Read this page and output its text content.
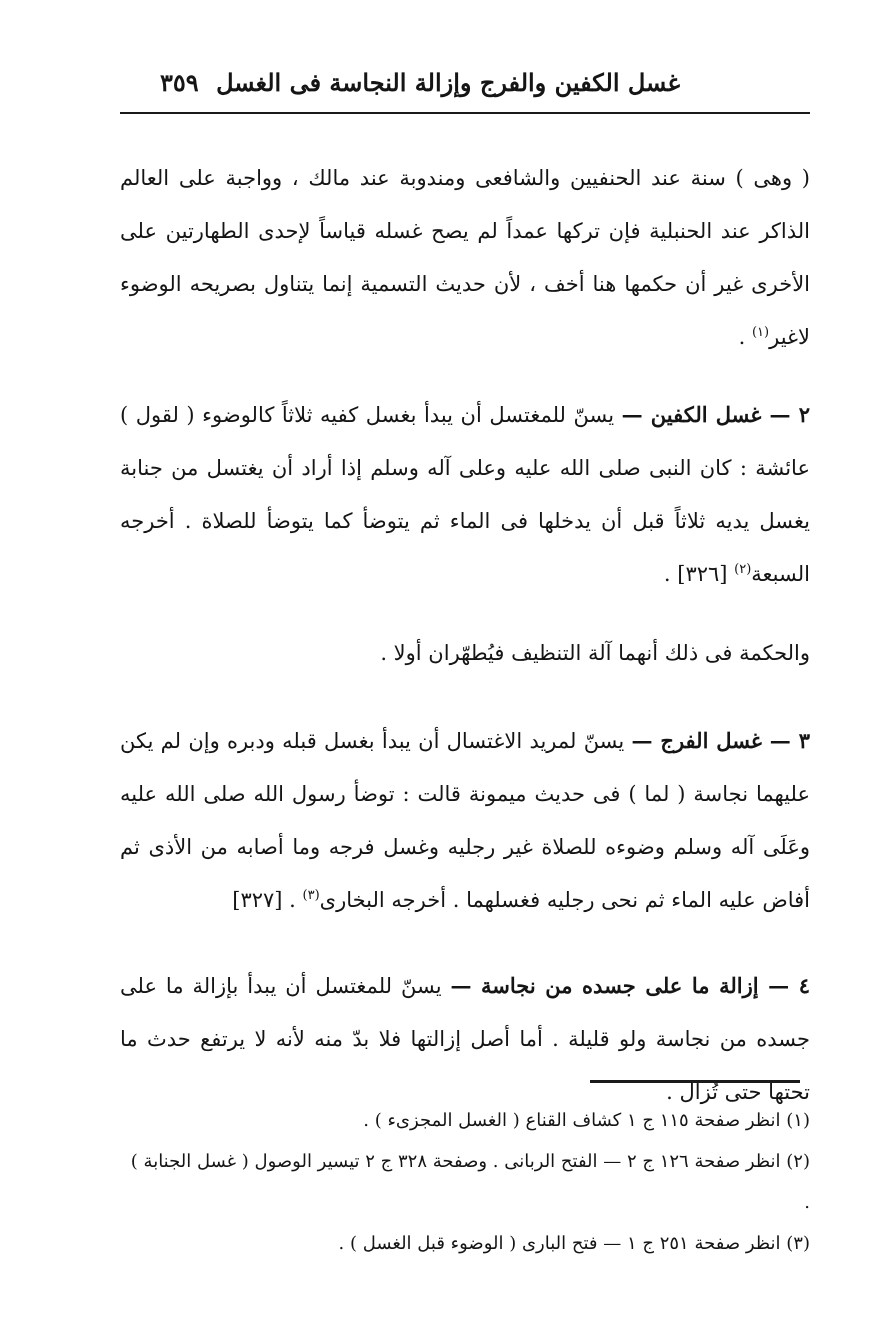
غسل الكفين والفرج وإزالة النجاسة فى الغسل
٣٥٩

( وهى ) سنة عند الحنفيين والشافعى ومندوبة عند مالك ، وواجبة على العالم الذاكر عند الحنبلية فإن تركها عمداً لم يصح غسله قياساً لإحدى الطهارتين على الأخرى غير أن حكمها هنا أخف ، لأن حديث التسمية إنما يتناول بصريحه الوضوء لاغير$^{(١)}$ .

٢ — غسل الكفين — يسنّ للمغتسل أن يبدأ بغسل كفيه ثلاثاً كالوضوء ( لقول ) عائشة : كان النبى صلى الله عليه وعلى آله وسلم إذا أراد أن يغتسل من جنابة يغسل يديه ثلاثاً قبل أن يدخلها فى الماء ثم يتوضأ كما يتوضأ للصلاة . أخرجه السبعة$^{(٢)}$ [٣٢٦] .

والحكمة فى ذلك أنهما آلة التنظيف فيُطهّران أولا .

٣ — غسل الفرج — يسنّ لمريد الاغتسال أن يبدأ بغسل قبله ودبره وإن لم يكن عليهما نجاسة ( لما ) فى حديث ميمونة قالت : توضأ رسول الله صلى الله عليه وعَلَى آله وسلم وضوءه للصلاة غير رجليه وغسل فرجه وما أصابه من الأذى ثم أفاض عليه الماء ثم نحى رجليه فغسلهما . أخرجه البخارى$^{(٣)}$ . [٣٢٧]

٤ — إزالة ما على جسده من نجاسة — يسنّ للمغتسل أن يبدأ بإزالة ما على جسده من نجاسة ولو قليلة . أما أصل إزالتها فلا بدّ منه لأنه لا يرتفع حدث ما تحتها حتى تُزال .

(١) انظر صفحة ١١٥ ج ١ كشاف القناع ( الغسل المجزىء ) .

(٢) انظر صفحة ١٢٦ ج ٢ — الفتح الربانى . وصفحة ٣٢٨ ج ٢ تيسير الوصول ( غسل الجنابة ) .

(٣) انظر صفحة ٢٥١ ج ١ — فتح البارى ( الوضوء قبل الغسل ) .
